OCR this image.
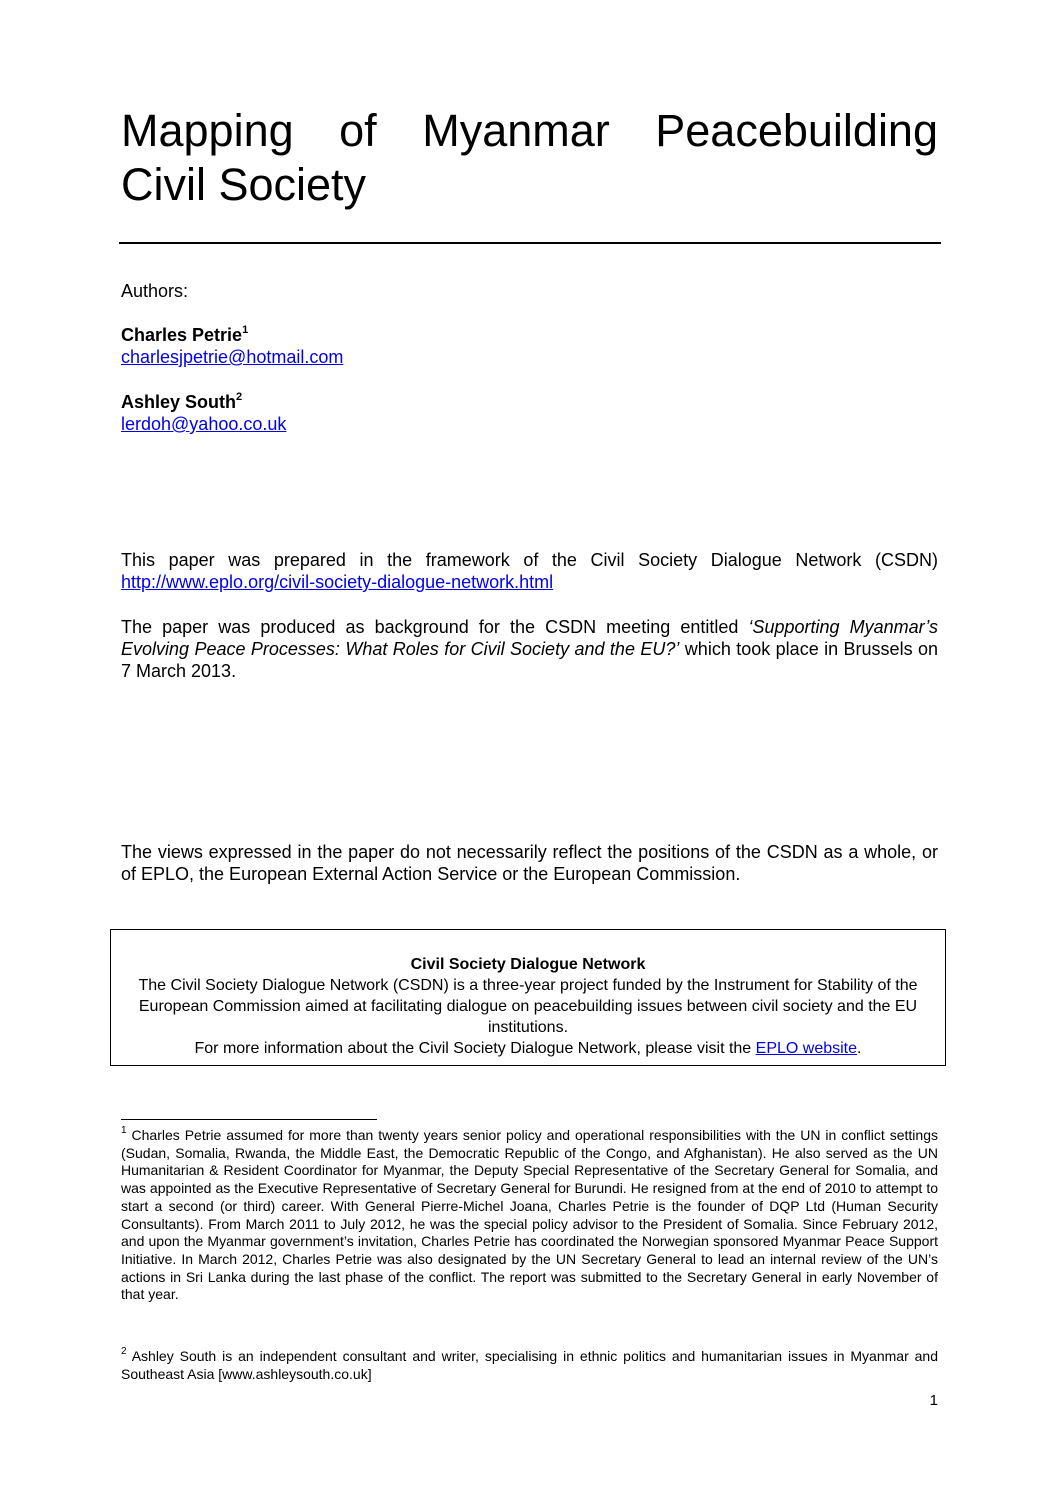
Mapping of Myanmar Peacebuilding
Civil Society
Authors:
Charles Petrie$^1$
charlesjpetrie@hotmail.com
Ashley South$^2$
lerdoh@yahoo.co.uk
This paper was prepared in the framework of the Civil Society Dialogue Network (CSDN)
http://www.eplo.org/civil-society-dialogue-network.html
The paper was produced as background for the CSDN meeting entitled ‘Supporting Myanmar’s Evolving Peace Processes: What Roles for Civil Society and the EU?’ which took place in Brussels on 7 March 2013.
The views expressed in the paper do not necessarily reflect the positions of the CSDN as a whole, or of EPLO, the European External Action Service or the European Commission.
Civil Society Dialogue Network
The Civil Society Dialogue Network (CSDN) is a three-year project funded by the Instrument for Stability of the European Commission aimed at facilitating dialogue on peacebuilding issues between civil society and the EU institutions.
For more information about the Civil Society Dialogue Network, please visit the EPLO website.
$^1$ Charles Petrie assumed for more than twenty years senior policy and operational responsibilities with the UN in conflict settings (Sudan, Somalia, Rwanda, the Middle East, the Democratic Republic of the Congo, and Afghanistan). He also served as the UN Humanitarian & Resident Coordinator for Myanmar, the Deputy Special Representative of the Secretary General for Somalia, and was appointed as the Executive Representative of Secretary General for Burundi. He resigned from at the end of 2010 to attempt to start a second (or third) career. With General Pierre-Michel Joana, Charles Petrie is the founder of DQP Ltd (Human Security Consultants). From March 2011 to July 2012, he was the special policy advisor to the President of Somalia. Since February 2012, and upon the Myanmar government’s invitation, Charles Petrie has coordinated the Norwegian sponsored Myanmar Peace Support Initiative. In March 2012, Charles Petrie was also designated by the UN Secretary General to lead an internal review of the UN’s actions in Sri Lanka during the last phase of the conflict. The report was submitted to the Secretary General in early November of that year.
$^2$ Ashley South is an independent consultant and writer, specialising in ethnic politics and humanitarian issues in Myanmar and Southeast Asia [www.ashleysouth.co.uk]
1
